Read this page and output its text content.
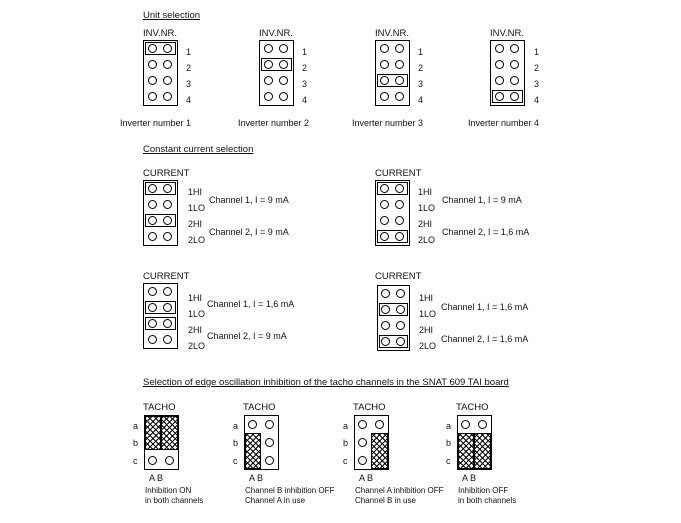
Unit selection
INV.NR.
1
2
3
4
Inverter number 1
INV.NR.
1
2
3
4
Inverter number 2
INV.NR.
1
2
3
4
Inverter number 3
INV.NR.
1
2
3
4
Inverter number 4
Constant current selection
CURRENT
1HI
1LO
2HI
2LO
Channel 1, I = 9 mA
Channel 2, I = 9 mA
CURRENT
1HI
1LO
2HI
2LO
Channel 1, I = 9 mA
Channel 2, I = 1,6 mA
CURRENT
1HI
1LO
2HI
2LO
Channel 1, I = 1,6 mA
Channel 2, I = 9 mA
CURRENT
1HI
1LO
2HI
2LO
Channel 1, I = 1,6 mA
Channel 2, I = 1,6 mA
Selection of edge oscillation inhibition of the tacho channels in the SNAT 609 TAI board
TACHO
a
b
c
A B
Inhibition ON
in both channels
TACHO
a
b
c
A B
Channel B inhibition OFF
Channel A in use
TACHO
a
b
c
A B
Channel A inhibition OFF
Channel B in use
TACHO
a
b
c
A B
Inhibition OFF
in both channels
